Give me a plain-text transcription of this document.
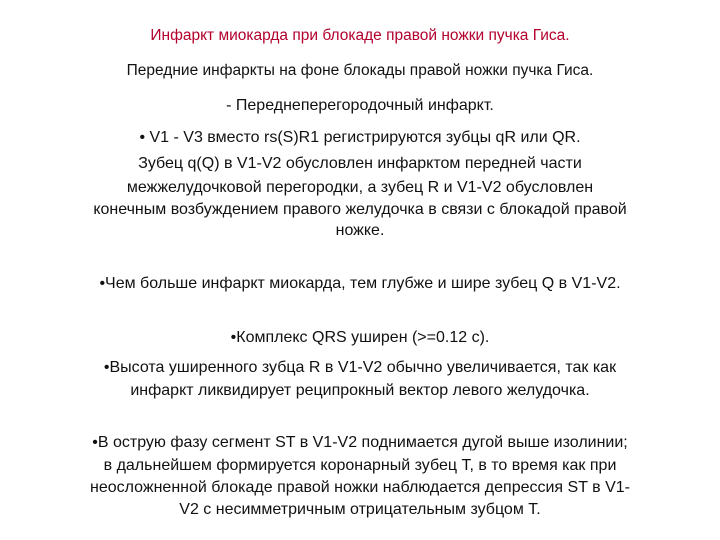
Инфаркт миокарда при блокаде правой ножки пучка Гиса.
Передние инфаркты на фоне блокады правой ножки пучка Гиса.
- Переднеперегородочный инфаркт.
• V1 - V3 вместо rs(S)R1 регистрируются зубцы qR или QR.
Зубец q(Q) в V1-V2 обусловлен инфарктом передней части
межжелудочковой перегородки, а зубец R и V1-V2 обусловлен
конечным возбуждением правого желудочка в связи с блокадой правой
ножке.
•Чем больше инфаркт миокарда, тем глубже и шире зубец Q в V1-V2.
•Комплекс QRS уширен (>=0.12 с).
•Высота уширенного зубца R в V1-V2 обычно увеличивается, так как
инфаркт ликвидирует реципрокный вектор левого желудочка.
•В острую фазу сегмент ST в V1-V2 поднимается дугой выше изолинии;
в дальнейшем формируется коронарный зубец Т, в то время как при
неосложненной блокаде правой ножки наблюдается депрессия ST в V1-
V2 с несимметричным отрицательным зубцом Т.
